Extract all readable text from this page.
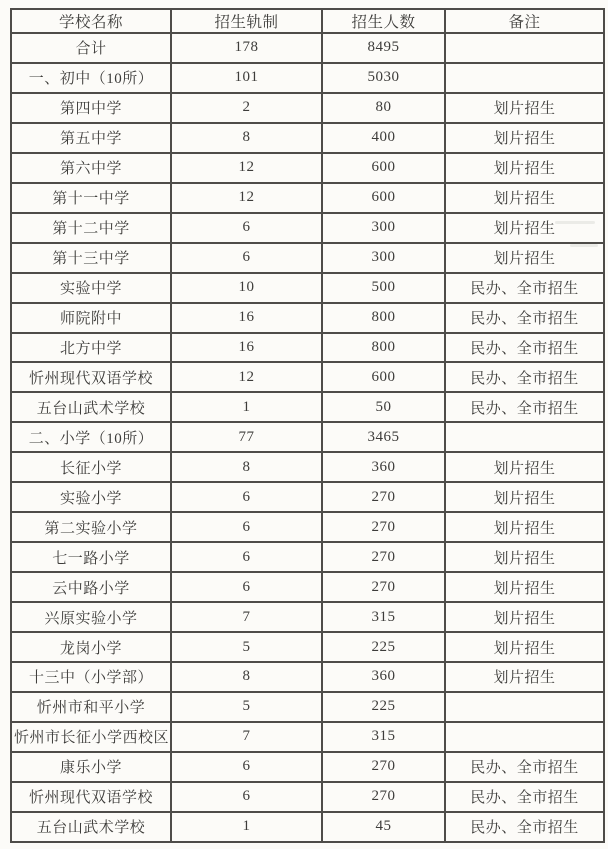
学校名称	招生轨制	招生人数	备注
合计	178	8495	
一、初中（10所）	101	5030	
第四中学	2	80	划片招生
第五中学	8	400	划片招生
第六中学	12	600	划片招生
第十一中学	12	600	划片招生
第十二中学	6	300	划片招生
第十三中学	6	300	划片招生
实验中学	10	500	民办、全市招生
师院附中	16	800	民办、全市招生
北方中学	16	800	民办、全市招生
忻州现代双语学校	12	600	民办、全市招生
五台山武术学校	1	50	民办、全市招生
二、小学（10所）	77	3465	
长征小学	8	360	划片招生
实验小学	6	270	划片招生
第二实验小学	6	270	划片招生
七一路小学	6	270	划片招生
云中路小学	6	270	划片招生
兴原实验小学	7	315	划片招生
龙岗小学	5	225	划片招生
十三中（小学部）	8	360	划片招生
忻州市和平小学	5	225	
忻州市长征小学西校区	7	315	
康乐小学	6	270	民办、全市招生
忻州现代双语学校	6	270	民办、全市招生
五台山武术学校	1	45	民办、全市招生
